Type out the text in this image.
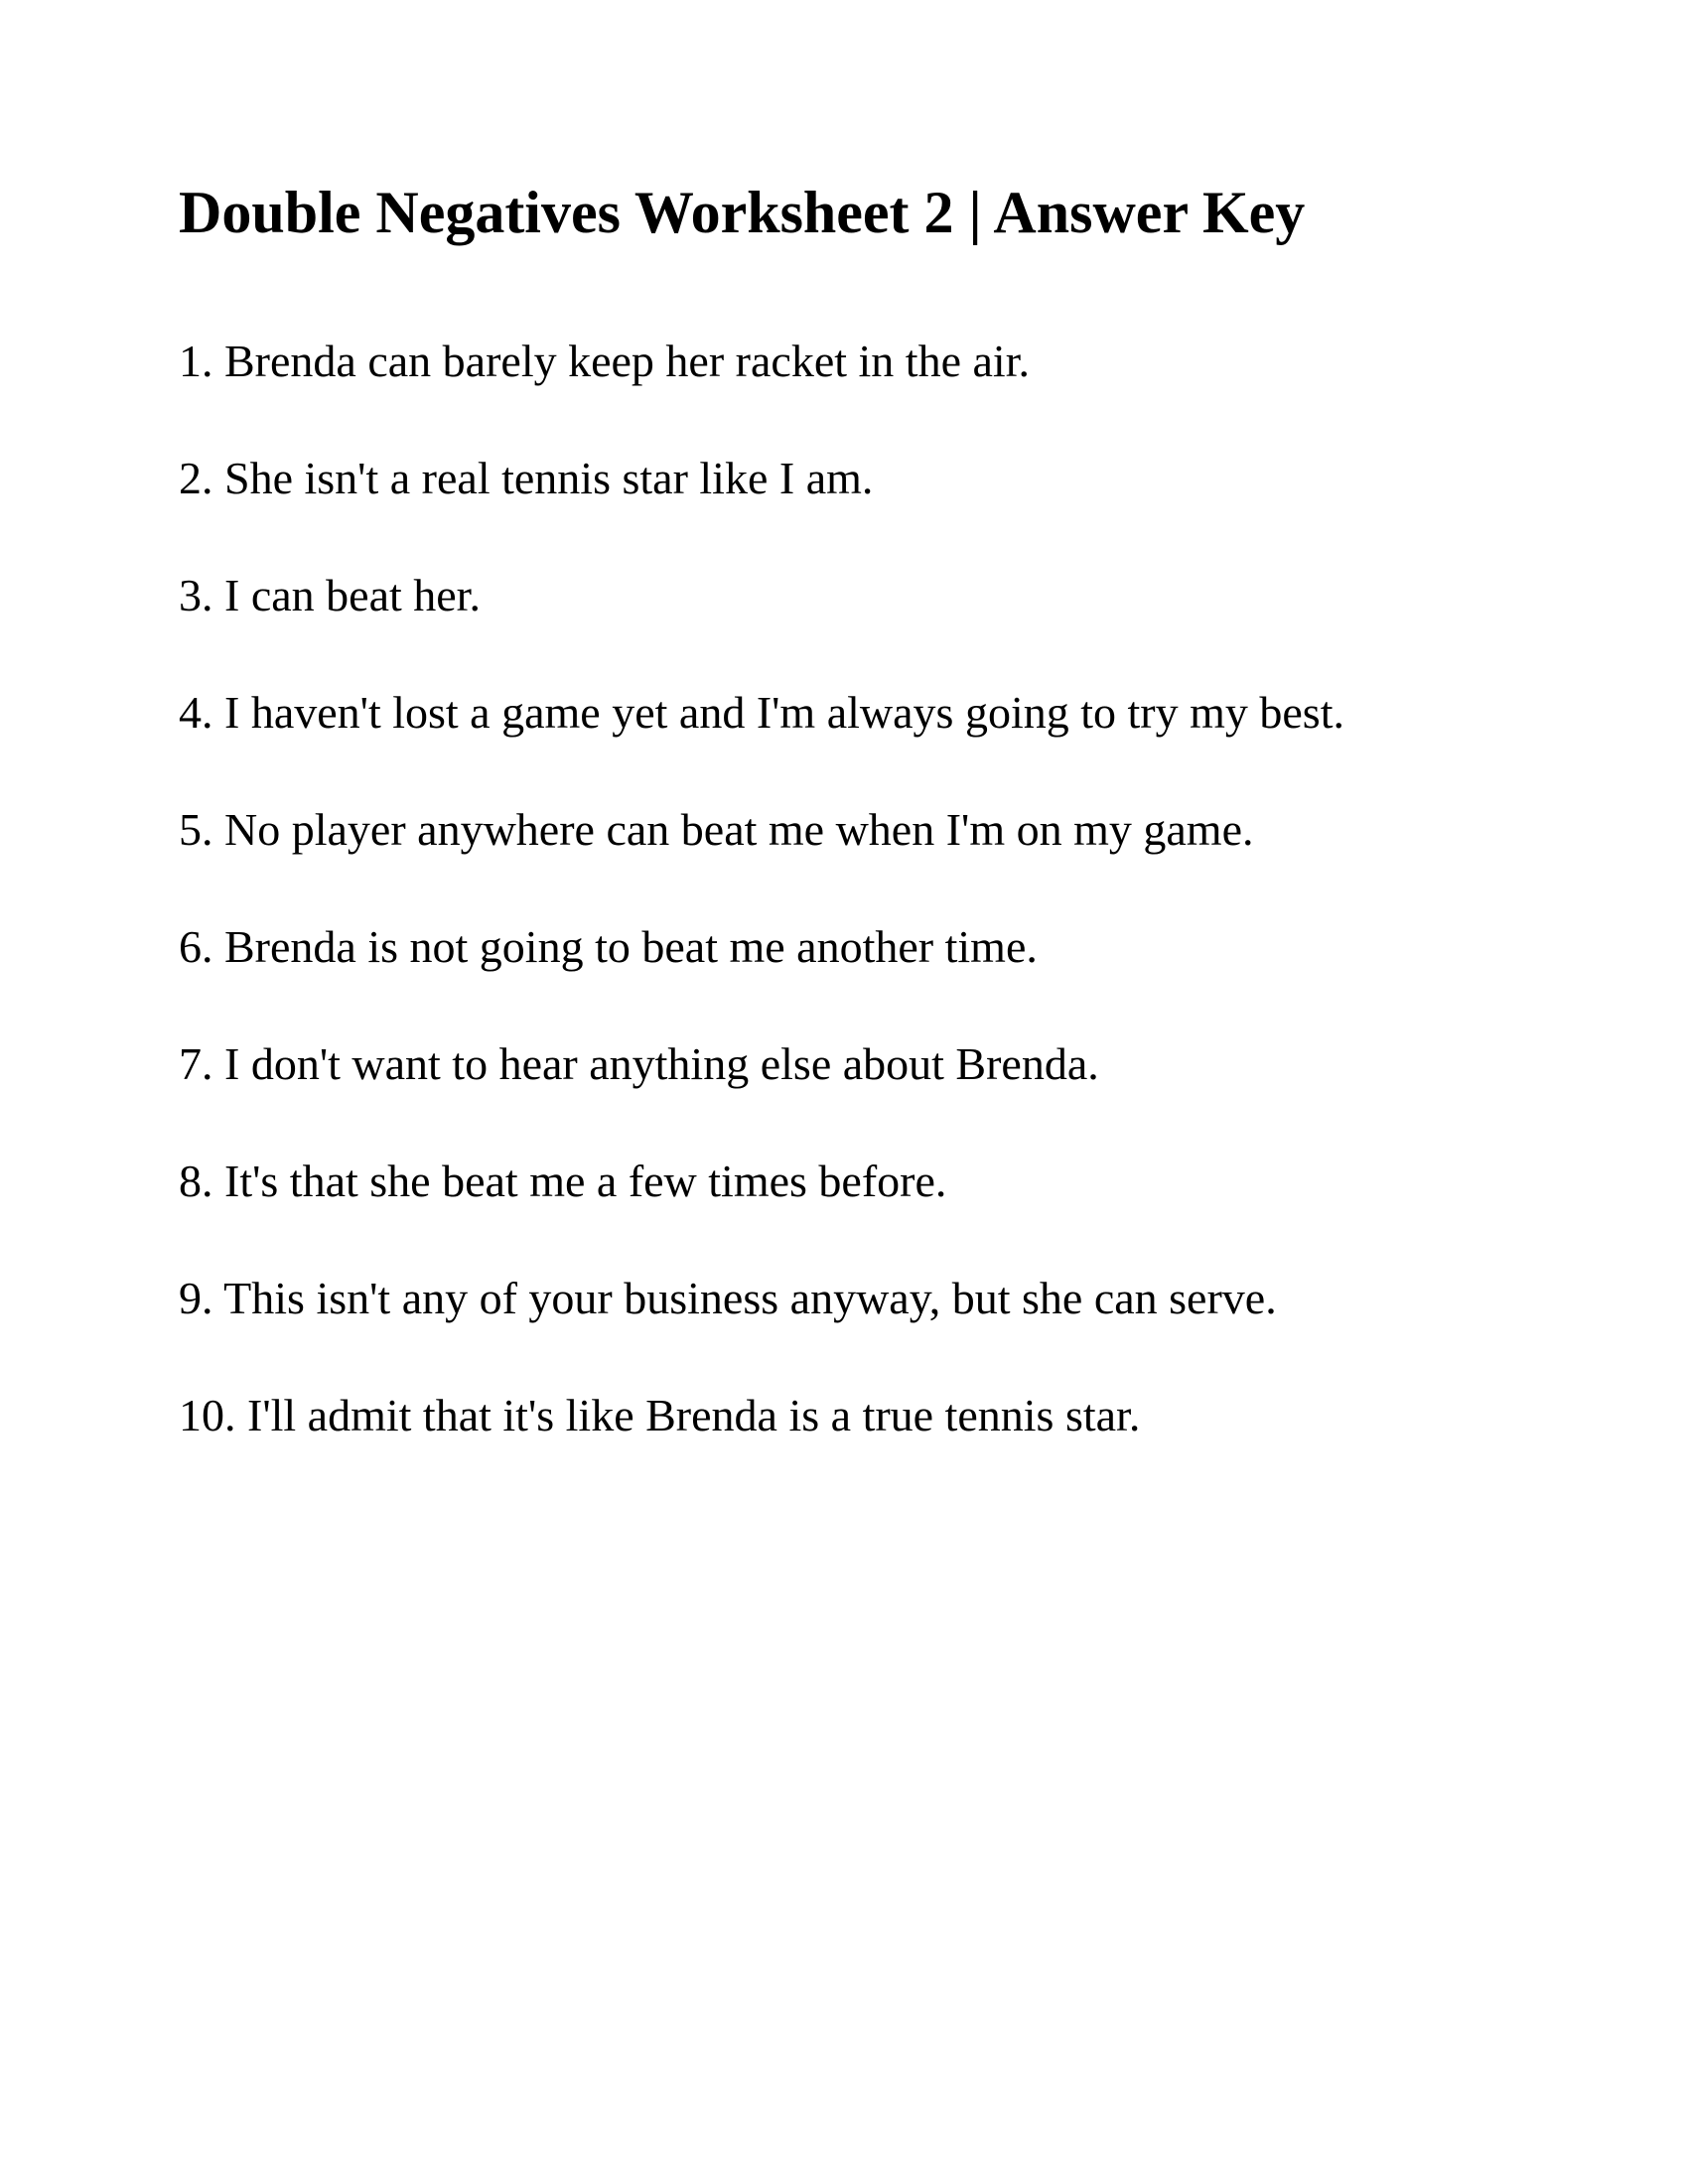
Double Negatives Worksheet 2 | Answer Key
1. Brenda can barely keep her racket in the air.
2. She isn't a real tennis star like I am.
3. I can beat her.
4. I haven't lost a game yet and I'm always going to try my best.
5. No player anywhere can beat me when I'm on my game.
6. Brenda is not going to beat me another time.
7. I don't want to hear anything else about Brenda.
8. It's that she beat me a few times before.
9. This isn't any of your business anyway, but she can serve.
10. I'll admit that it's like Brenda is a true tennis star.
